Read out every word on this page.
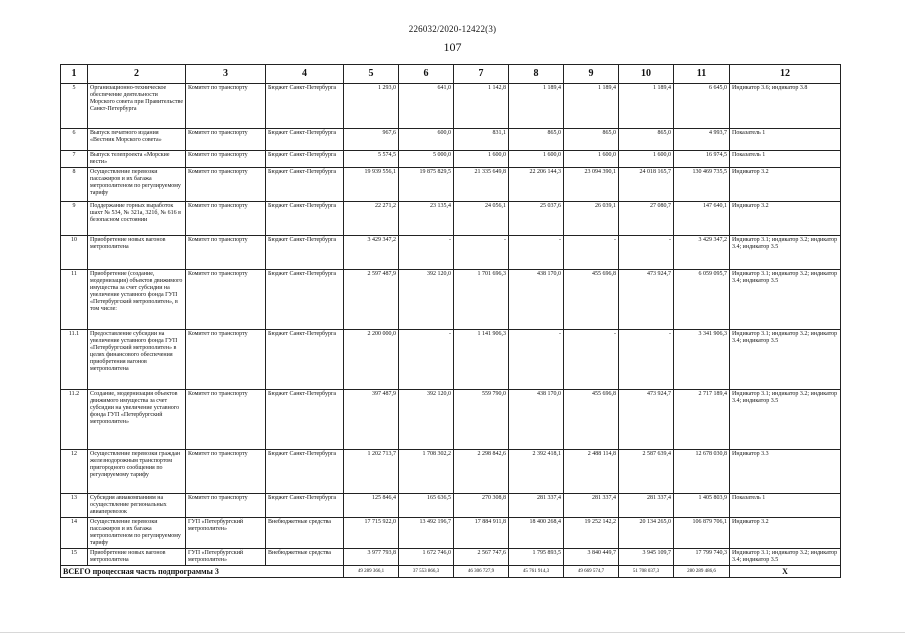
226032/2020-12422(3)
107
1	2	3	4	5	6	7	8	9	10	11	12
5	Организационно-техническое обеспечение деятельности Морского совета при Правительстве Санкт-Петербурга	Комитет по транспорту	Бюджет Санкт-Петербурга	1 293,0	641,0	1 142,8	1 189,4	1 189,4	1 189,4	6 645,0	Индикатор 3.6; индикатор 3.8
6	Выпуск печатного издания «Вестник Морского совета»	Комитет по транспорту	Бюджет Санкт-Петербурга	967,6	600,0	831,1	865,0	865,0	865,0	4 993,7	Показатель 1
7	Выпуск телепроекта «Морские вести»	Комитет по транспорту	Бюджет Санкт-Петербурга	5 574,5	5 000,0	1 600,0	1 600,0	1 600,0	1 600,0	16 974,5	Показатель 1
8	Осуществление перевозки пассажиров и их багажа метрополитеном по регулируемому тарифу	Комитет по транспорту	Бюджет Санкт-Петербурга	19 939 556,1	19 875 829,5	21 335 649,8	22 206 144,3	23 094 390,1	24 018 165,7	130 469 735,5	Индикатор 3.2
9	Поддержание горных выработок шахт № 534, № 321а, 321б, № 616 в безопасном состоянии	Комитет по транспорту	Бюджет Санкт-Петербурга	22 271,2	23 135,4	24 056,1	25 037,6	26 039,1	27 080,7	147 640,1	Индикатор 3.2
10	Приобретение новых вагонов метрополитена	Комитет по транспорту	Бюджет Санкт-Петербурга	3 429 347,2	-	-	-	-	-	3 429 347,2	Индикатор 3.1; индикатор 3.2; индикатор 3.4; индикатор 3.5
11	Приобретение (создание, модернизация) объектов движимого имущества за счет субсидии на увеличение уставного фонда ГУП «Петербургский метрополитен», в том числе:	Комитет по транспорту	Бюджет Санкт-Петербурга	2 597 487,9	392 120,0	1 701 696,3	438 170,0	455 696,8	473 924,7	6 059 095,7	Индикатор 3.1; индикатор 3.2; индикатор 3.4; индикатор 3.5
11.1	Предоставление субсидии на увеличение уставного фонда ГУП «Петербургский метрополитен» в целях финансового обеспечения приобретения вагонов метрополитена	Комитет по транспорту	Бюджет Санкт-Петербурга	2 200 000,0	-	1 141 906,3	-	-	-	3 341 906,3	Индикатор 3.1; индикатор 3.2; индикатор 3.4; индикатор 3.5
11.2	Создание, модернизация объектов движимого имущества за счет субсидии на увеличение уставного фонда ГУП «Петербургский метрополитен»	Комитет по транспорту	Бюджет Санкт-Петербурга	397 487,9	392 120,0	559 790,0	438 170,0	455 696,8	473 924,7	2 717 189,4	Индикатор 3.1; индикатор 3.2; индикатор 3.4; индикатор 3.5
12	Осуществление перевозки граждан железнодорожным транспортом пригородного сообщения по регулируемому тарифу	Комитет по транспорту	Бюджет Санкт-Петербурга	1 202 713,7	1 708 302,2	2 298 842,6	2 392 418,1	2 488 114,8	2 587 639,4	12 678 030,8	Индикатор 3.3
13	Субсидия авиакомпаниям на осуществление региональных авиаперевозок	Комитет по транспорту	Бюджет Санкт-Петербурга	125 846,4	165 636,5	270 308,8	281 337,4	281 337,4	281 337,4	1 405 803,9	Показатель 1
14	Осуществление перевозки пассажиров и их багажа метрополитеном по регулируемому тарифу	ГУП «Петербургский метрополитен»	Внебюджетные средства	17 715 922,0	13 492 196,7	17 884 911,8	18 400 268,4	19 252 142,2	20 134 265,0	106 879 706,1	Индикатор 3.2
15	Приобретение новых вагонов метрополитена	ГУП «Петербургский метрополитен»	Внебюджетные средства	3 977 793,8	1 672 746,0	2 567 747,6	1 795 893,5	3 840 449,7	3 945 109,7	17 799 740,3	Индикатор 3.1; индикатор 3.2; индикатор 3.4; индикатор 3.5
ВСЕГО процессная часть подпрограммы 3				49 289 366,1	37 553 866,3	46 306 727,9	45 761 914,3	49 669 574,7	51 708 037,3	280 289 486,6	Х
